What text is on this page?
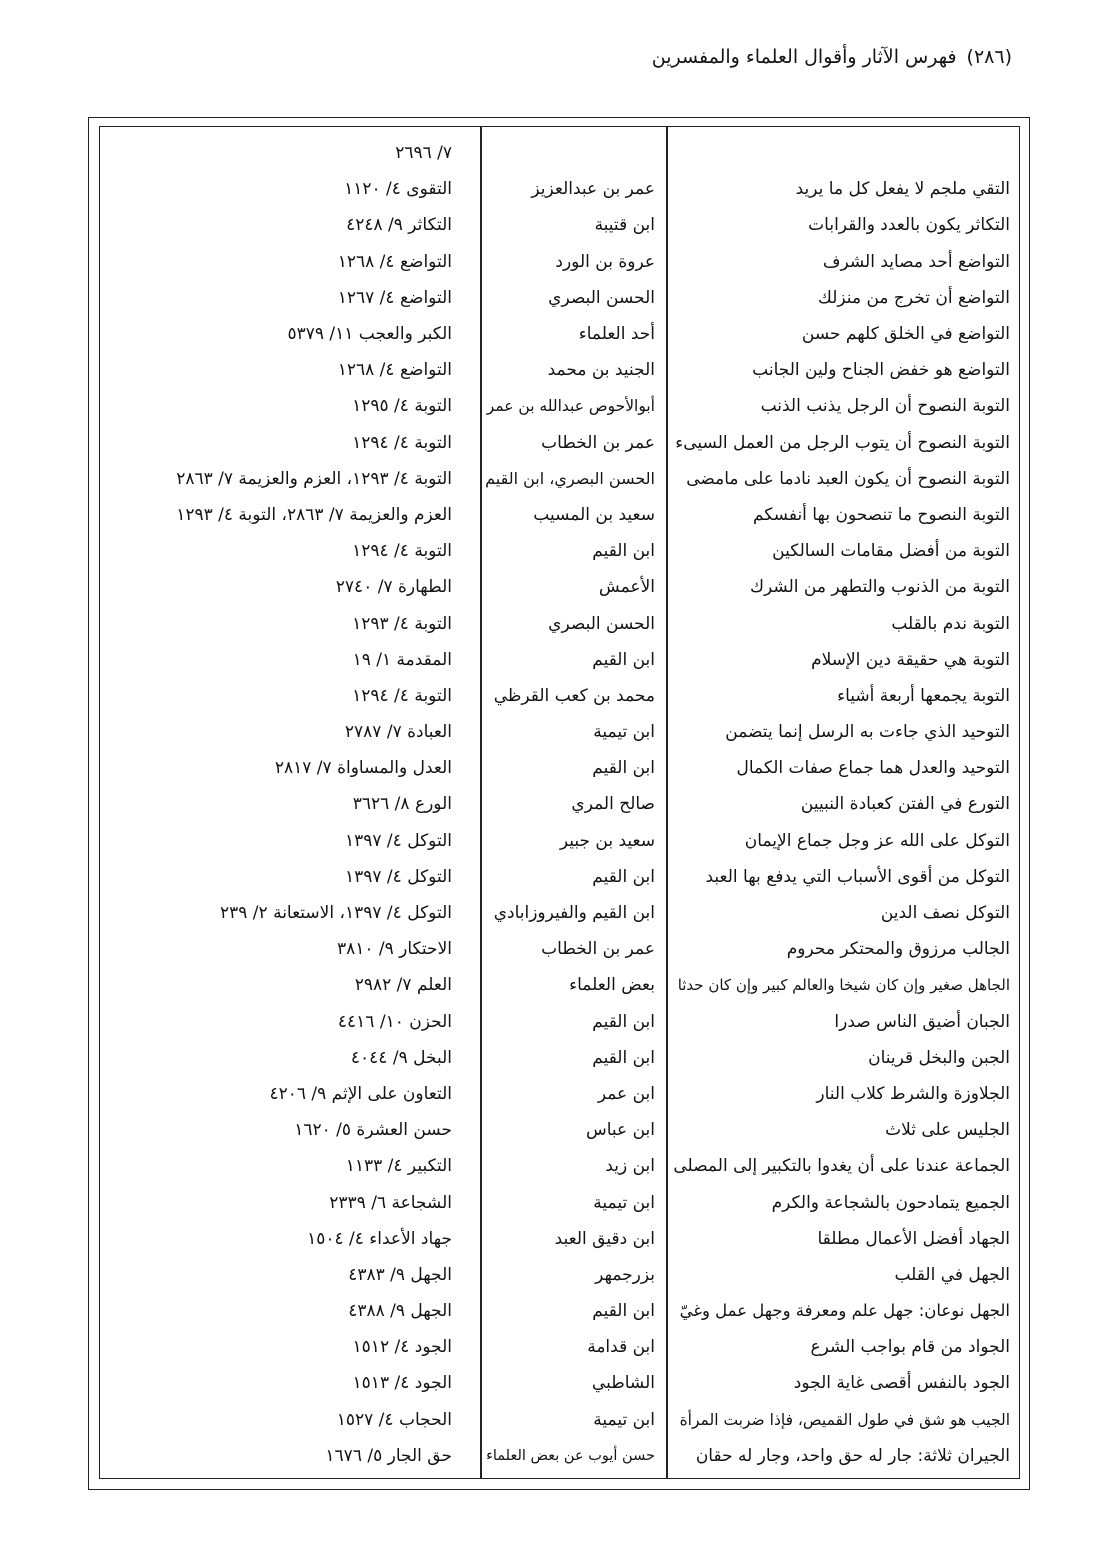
(٢٨٦)
فهرس الآثار وأقوال العلماء والمفسرين
٧/ ٢٦٩٦
التقي ملجم لا يفعل كل ما يريد
عمر بن عبدالعزيز
التقوى ٤/ ١١٢٠
التكاثر يكون بالعدد والقرابات
ابن قتيبة
التكاثر ٩/ ٤٢٤٨
التواضع أحد مصايد الشرف
عروة بن الورد
التواضع ٤/ ١٢٦٨
التواضع أن تخرج من منزلك
الحسن البصري
التواضع ٤/ ١٢٦٧
التواضع في الخلق كلهم حسن
أحد العلماء
الكبر والعجب ١١/ ٥٣٧٩
التواضع هو خفض الجناح ولين الجانب
الجنيد بن محمد
التواضع ٤/ ١٢٦٨
التوبة النصوح أن الرجل يذنب الذنب
أبوالأحوص عبدالله بن عمر
التوبة ٤/ ١٢٩٥
التوبة النصوح أن يتوب الرجل من العمل السيىء
عمر بن الخطاب
التوبة ٤/ ١٢٩٤
التوبة النصوح أن يكون العبد نادما على مامضى
الحسن البصري، ابن القيم
التوبة ٤/ ١٢٩٣، العزم والعزيمة ٧/ ٢٨٦٣
التوبة النصوح ما تنصحون بها أنفسكم
سعيد بن المسيب
العزم والعزيمة ٧/ ٢٨٦٣، التوبة ٤/ ١٢٩٣
التوبة من أفضل مقامات السالكين
ابن القيم
التوبة ٤/ ١٢٩٤
التوبة من الذنوب والتطهر من الشرك
الأعمش
الطهارة ٧/ ٢٧٤٠
التوبة ندم بالقلب
الحسن البصري
التوبة ٤/ ١٢٩٣
التوبة هي حقيقة دين الإسلام
ابن القيم
المقدمة ١/ ١٩
التوبة يجمعها أربعة أشياء
محمد بن كعب القرظي
التوبة ٤/ ١٢٩٤
التوحيد الذي جاءت به الرسل إنما يتضمن
ابن تيمية
العبادة ٧/ ٢٧٨٧
التوحيد والعدل هما جماع صفات الكمال
ابن القيم
العدل والمساواة ٧/ ٢٨١٧
التورع في الفتن كعبادة النبيين
صالح المري
الورع ٨/ ٣٦٢٦
التوكل على الله عز وجل جماع الإيمان
سعيد بن جبير
التوكل ٤/ ١٣٩٧
التوكل من أقوى الأسباب التي يدفع بها العبد
ابن القيم
التوكل ٤/ ١٣٩٧
التوكل نصف الدين
ابن القيم والفيروزابادي
التوكل ٤/ ١٣٩٧، الاستعانة ٢/ ٢٣٩
الجالب مرزوق والمحتكر محروم
عمر بن الخطاب
الاحتكار ٩/ ٣٨١٠
الجاهل صغير وإن كان شيخا والعالم كبير وإن كان حدثا
بعض العلماء
العلم ٧/ ٢٩٨٢
الجبان أضيق الناس صدرا
ابن القيم
الحزن ١٠/ ٤٤١٦
الجبن والبخل قرينان
ابن القيم
البخل ٩/ ٤٠٤٤
الجلاوزة والشرط كلاب النار
ابن عمر
التعاون على الإثم ٩/ ٤٢٠٦
الجليس على ثلاث
ابن عباس
حسن العشرة ٥/ ١٦٢٠
الجماعة عندنا على أن يغدوا بالتكبير إلى المصلى
ابن زيد
التكبير ٤/ ١١٣٣
الجميع يتمادحون بالشجاعة والكرم
ابن تيمية
الشجاعة ٦/ ٢٣٣٩
الجهاد أفضل الأعمال مطلقا
ابن دقيق العبد
جهاد الأعداء ٤/ ١٥٠٤
الجهل في القلب
بزرجمهر
الجهل ٩/ ٤٣٨٣
الجهل نوعان: جهل علم ومعرفة وجهل عمل وغيّ
ابن القيم
الجهل ٩/ ٤٣٨٨
الجواد من قام بواجب الشرع
ابن قدامة
الجود ٤/ ١٥١٢
الجود بالنفس أقصى غاية الجود
الشاطبي
الجود ٤/ ١٥١٣
الجيب هو شق في طول القميص، فإذا ضربت المرأة
ابن تيمية
الحجاب ٤/ ١٥٢٧
الجيران ثلاثة: جار له حق واحد، وجار له حقان
حسن أيوب عن بعض العلماء
حق الجار ٥/ ١٦٧٦
